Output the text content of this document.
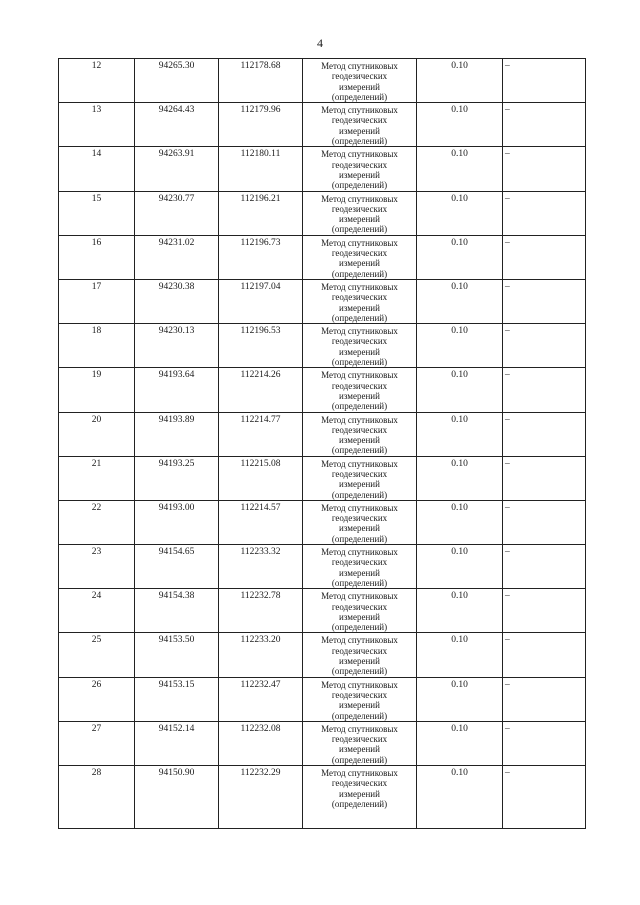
4
12	94265.30	112178.68	Метод спутниковых
геодезических
измерений
(определений)	0.10	–
13	94264.43	112179.96	Метод спутниковых
геодезических
измерений
(определений)	0.10	–
14	94263.91	112180.11	Метод спутниковых
геодезических
измерений
(определений)	0.10	–
15	94230.77	112196.21	Метод спутниковых
геодезических
измерений
(определений)	0.10	–
16	94231.02	112196.73	Метод спутниковых
геодезических
измерений
(определений)	0.10	–
17	94230.38	112197.04	Метод спутниковых
геодезических
измерений
(определений)	0.10	–
18	94230.13	112196.53	Метод спутниковых
геодезических
измерений
(определений)	0.10	–
19	94193.64	112214.26	Метод спутниковых
геодезических
измерений
(определений)	0.10	–
20	94193.89	112214.77	Метод спутниковых
геодезических
измерений
(определений)	0.10	–
21	94193.25	112215.08	Метод спутниковых
геодезических
измерений
(определений)	0.10	–
22	94193.00	112214.57	Метод спутниковых
геодезических
измерений
(определений)	0.10	–
23	94154.65	112233.32	Метод спутниковых
геодезических
измерений
(определений)	0.10	–
24	94154.38	112232.78	Метод спутниковых
геодезических
измерений
(определений)	0.10	–
25	94153.50	112233.20	Метод спутниковых
геодезических
измерений
(определений)	0.10	–
26	94153.15	112232.47	Метод спутниковых
геодезических
измерений
(определений)	0.10	–
27	94152.14	112232.08	Метод спутниковых
геодезических
измерений
(определений)	0.10	–
28	94150.90	112232.29	Метод спутниковых
геодезических
измерений
(определений)	0.10	–
